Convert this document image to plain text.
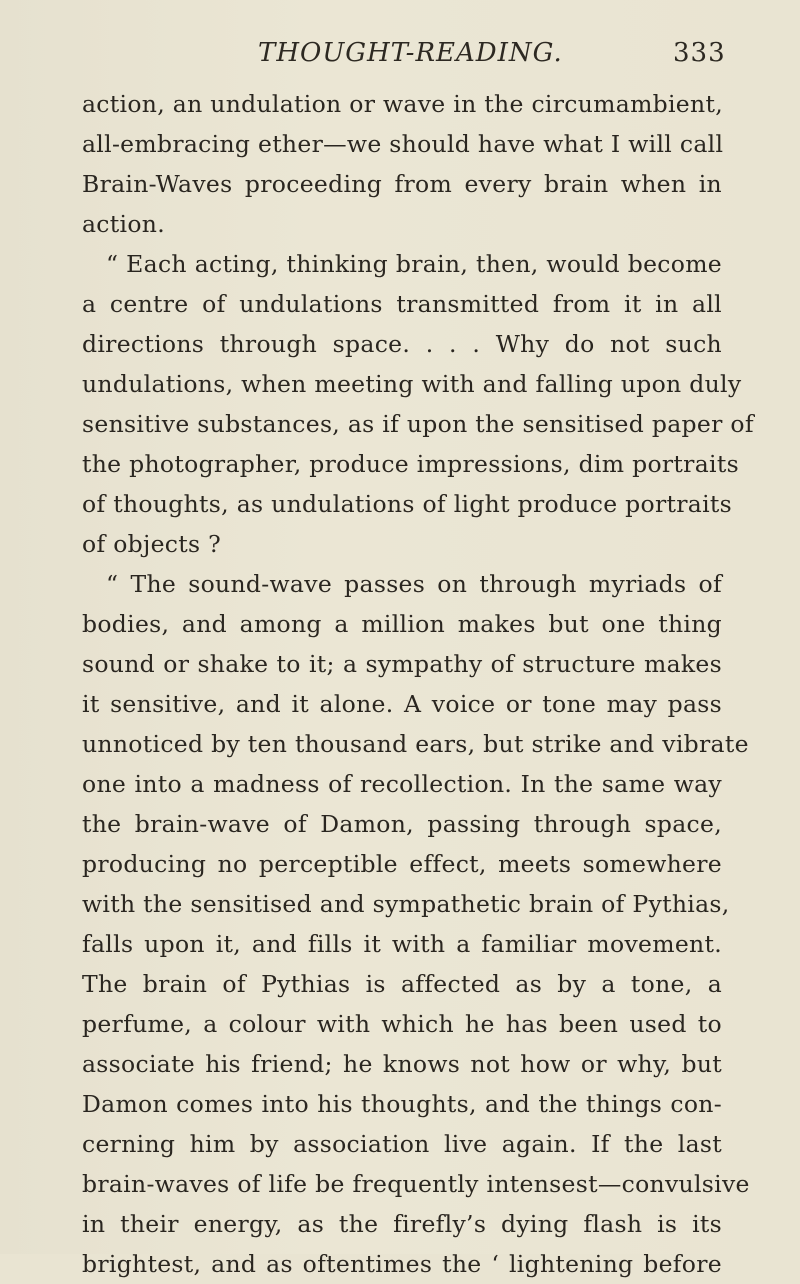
THOUGHT-READING.	333
action, an undulation or wave in the circumambient,
all-embracing ether—we should have what I will call
Brain-Waves proceeding from every brain when in
action.
“ Each acting, thinking brain, then, would become
a centre of undulations transmitted from it in all
directions through space. . . . Why do not such
undulations, when meeting with and falling upon duly
sensitive substances, as if upon the sensitised paper of
the photographer, produce impressions, dim portraits
of thoughts, as undulations of light produce portraits
of objects ?
“ The sound-wave passes on through myriads of
bodies, and among a million makes but one thing
sound or shake to it; a sympathy of structure makes
it sensitive, and it alone. A voice or tone may pass
unnoticed by ten thousand ears, but strike and vibrate
one into a madness of recollection. In the same way
the brain-wave of Damon, passing through space,
producing no perceptible effect, meets somewhere
with the sensitised and sympathetic brain of Pythias,
falls upon it, and fills it with a familiar movement.
The brain of Pythias is affected as by a tone, a
perfume, a colour with which he has been used to
associate his friend; he knows not how or why, but
Damon comes into his thoughts, and the things con-
cerning him by association live again. If the last
brain-waves of life be frequently intensest—convulsive
in their energy, as the firefly’s dying flash is its
brightest, and as oftentimes the ‘ lightening before
